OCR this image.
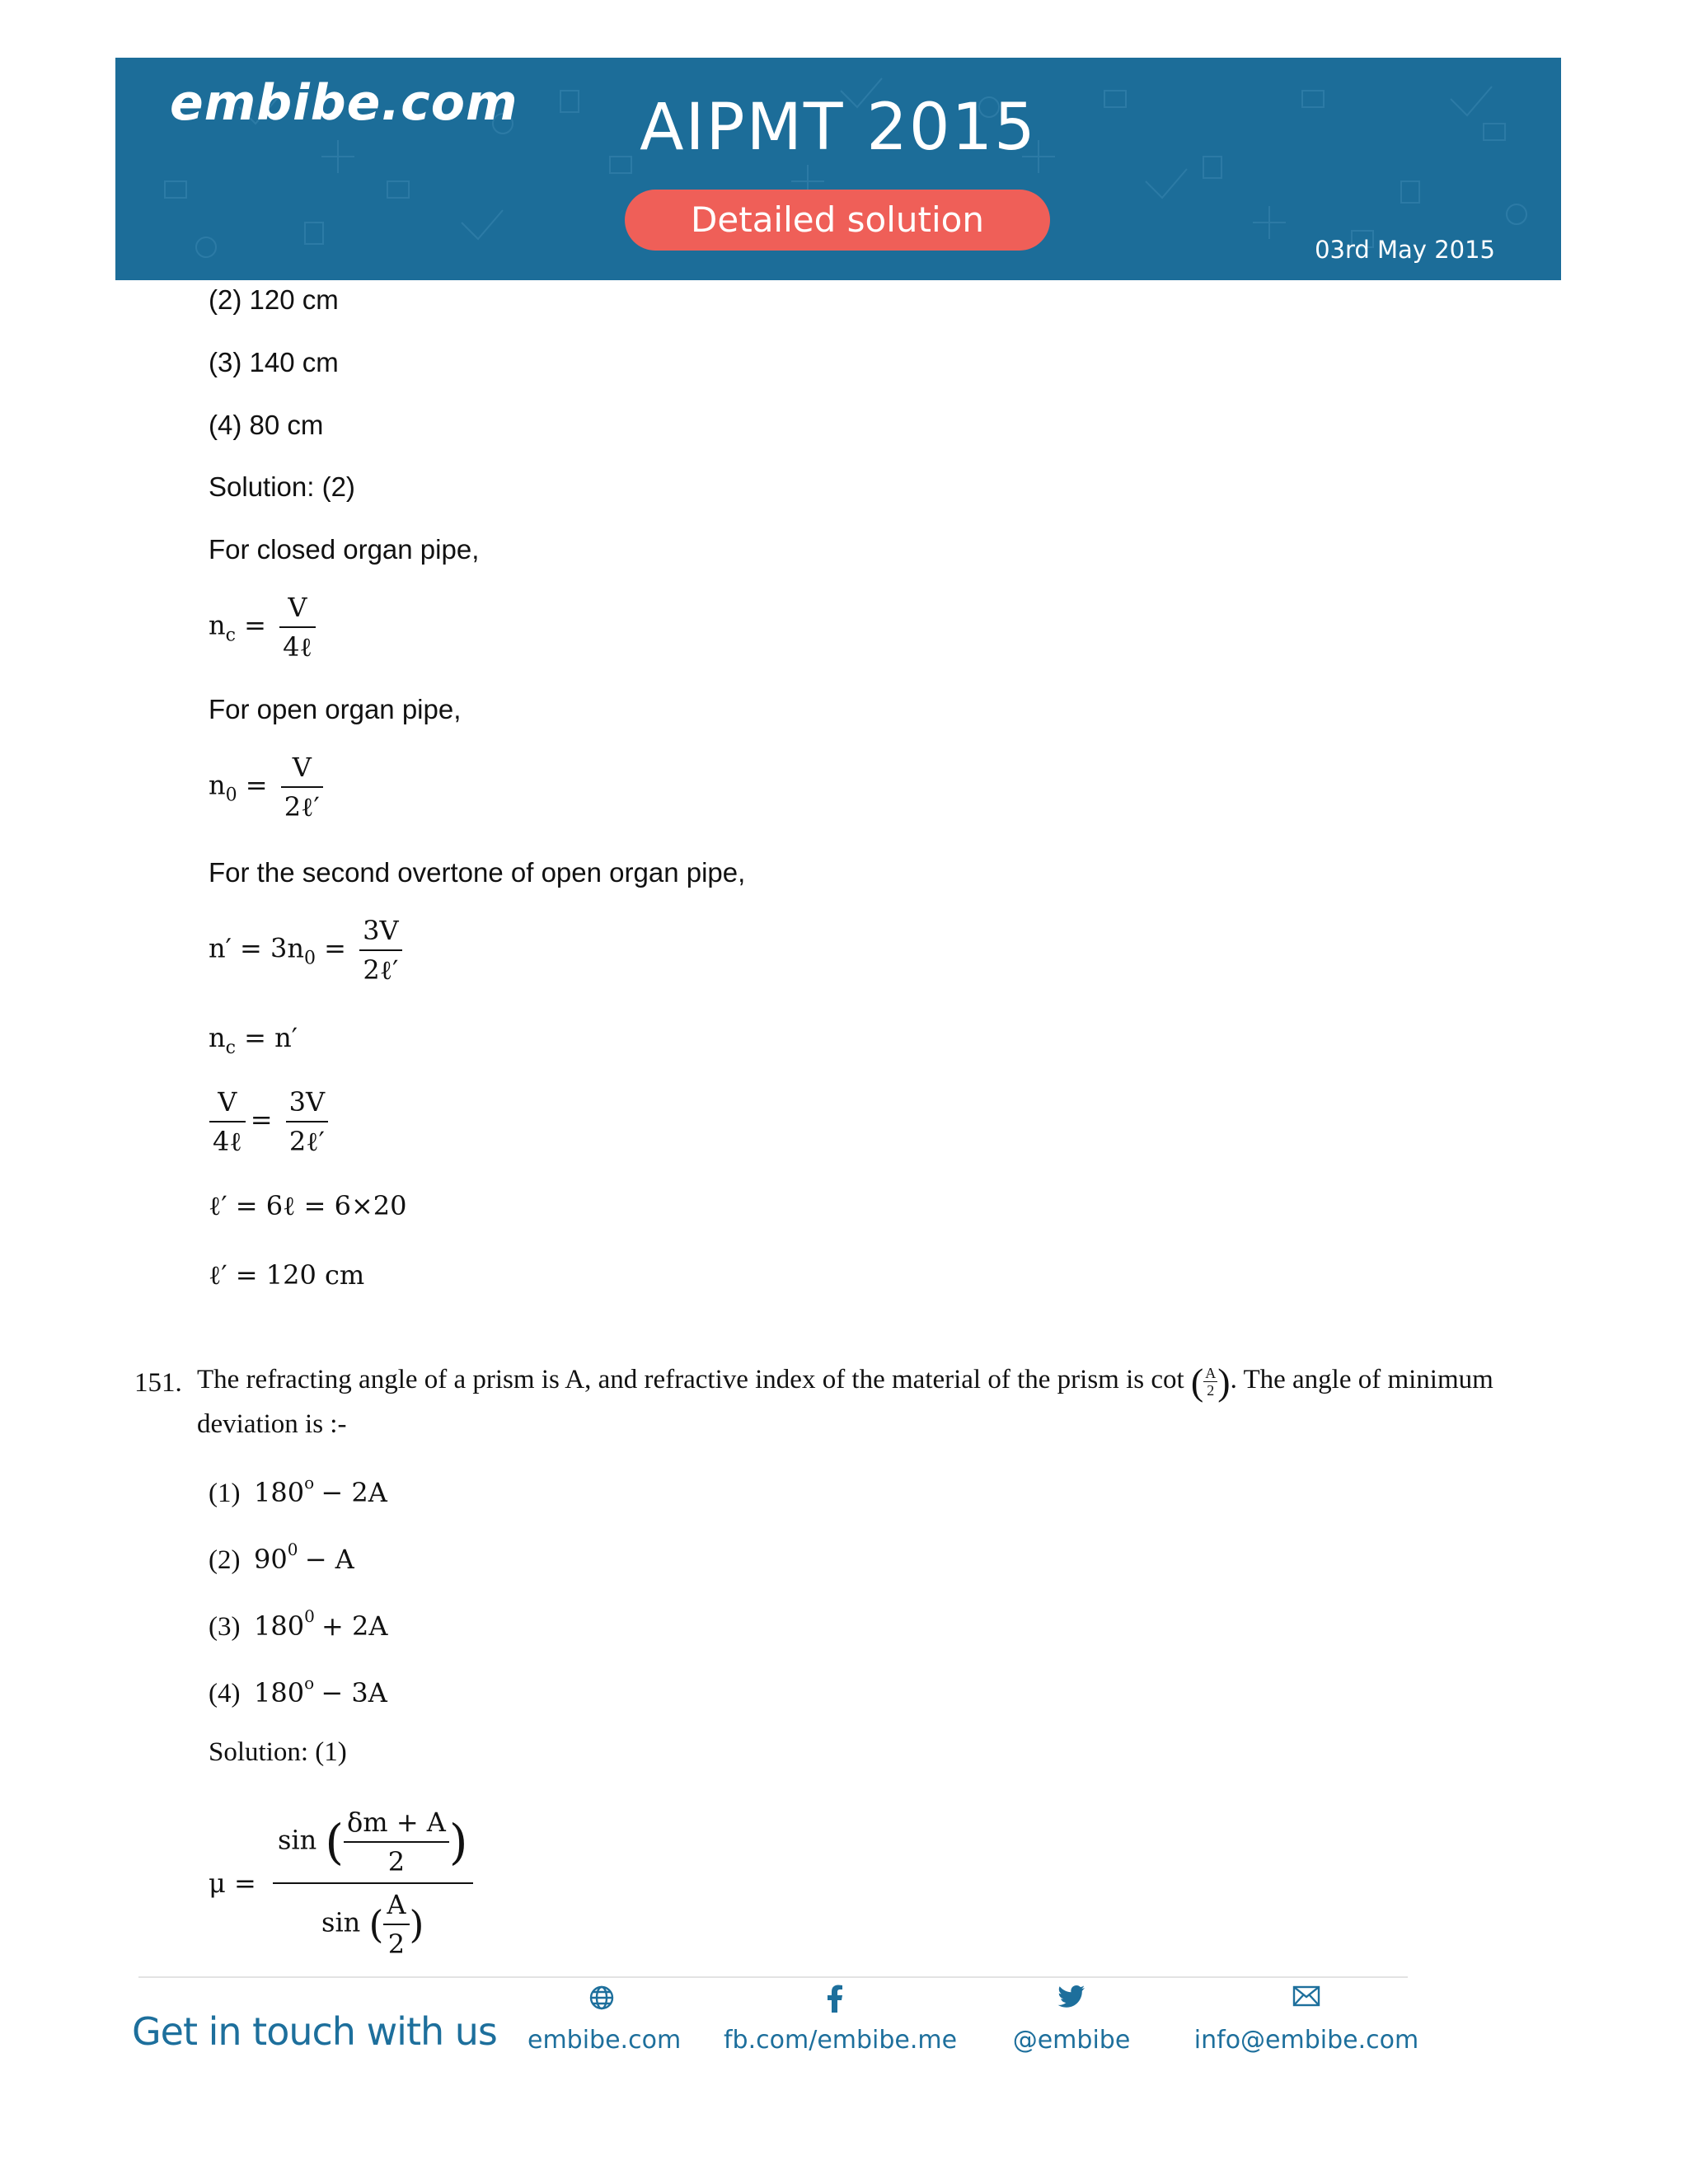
embibe.com	AIPMT 2015
Detailed solution
03rd May 2015
(2) 120 cm
(3) 140 cm
(4) 80 cm
Solution: (2)
For closed organ pipe,
$n_c = \frac{V}{\text{4ℓ}}$
For open organ pipe,
$n_0 = \frac{V}{\text{2ℓ′}}$
For the second overtone of open organ pipe,
$n' = 3n_0 = \frac{3V}{\text{2ℓ′}}$
$n_c = n'$
$\frac{V}{\text{4ℓ}} = \frac{3V}{\text{2ℓ′}}$
ℓ′ = 6ℓ = 6×20
ℓ′ = 120 cm
151. The refracting angle of a prism is A, and refractive index of the material of the prism is cot ( $\frac{A}{2}$ ). The angle of minimum
deviation is :-
(1) $180^o - 2A$
(2) $90^0 - A$
(3) $180^0 + 2A$
(4) $180^o - 3A$
Solution: (1)
$\mu = \frac{\sin ( \frac{\delta m + A}{2} )}{\sin ( \frac{A}{2} )}$
Get in touch with us embibe.com fb.com/embibe.me	@embibe	info@embibe.com
